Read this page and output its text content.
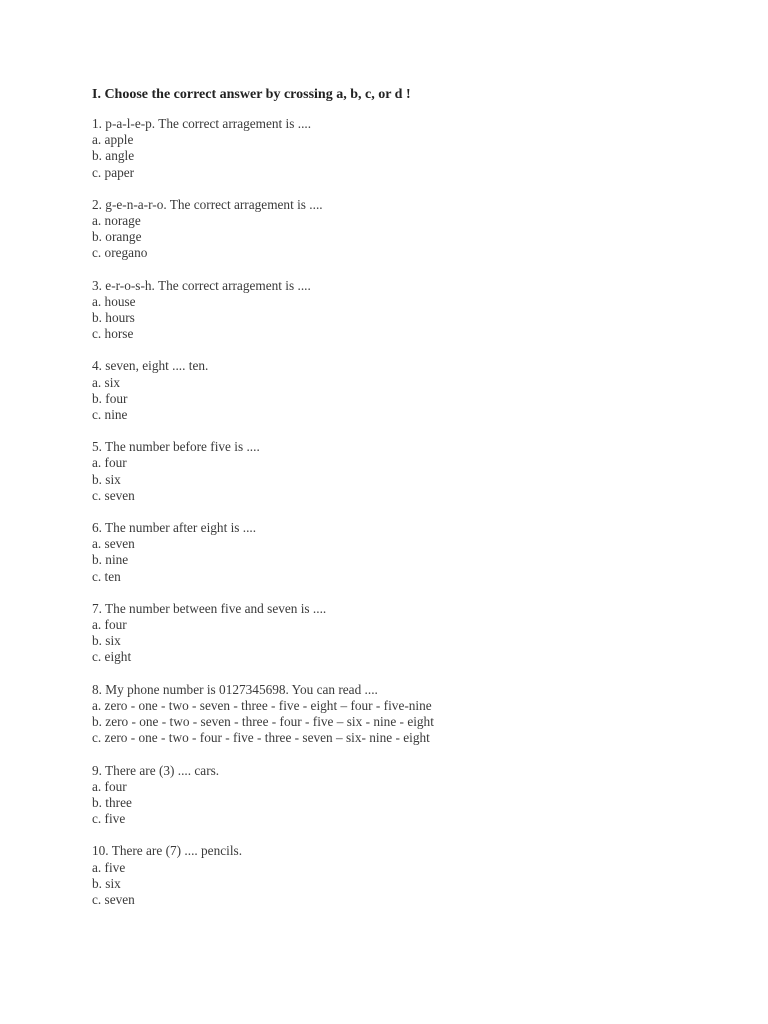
I. Choose the correct answer by crossing a, b, c, or d !
1. p-a-l-e-p. The correct arragement is ....
a. apple
b. angle
c. paper
2. g-e-n-a-r-o. The correct arragement is ....
a. norage
b. orange
c. oregano
3. e-r-o-s-h. The correct arragement is ....
a. house
b. hours
c. horse
4. seven, eight .... ten.
a. six
b. four
c. nine
5. The number before five is ....
a. four
b. six
c. seven
6. The number after eight is ....
a. seven
b. nine
c. ten
7. The number between five and seven is ....
a. four
b. six
c. eight
8. My phone number is 0127345698. You can read ....
a. zero - one - two - seven - three - five - eight – four - five-nine
b. zero - one - two - seven - three - four - five – six - nine - eight
c. zero - one - two - four - five - three - seven – six- nine - eight
9. There are (3) .... cars.
a. four
b. three
c. five
10. There are (7) .... pencils.
a. five
b. six
c. seven
